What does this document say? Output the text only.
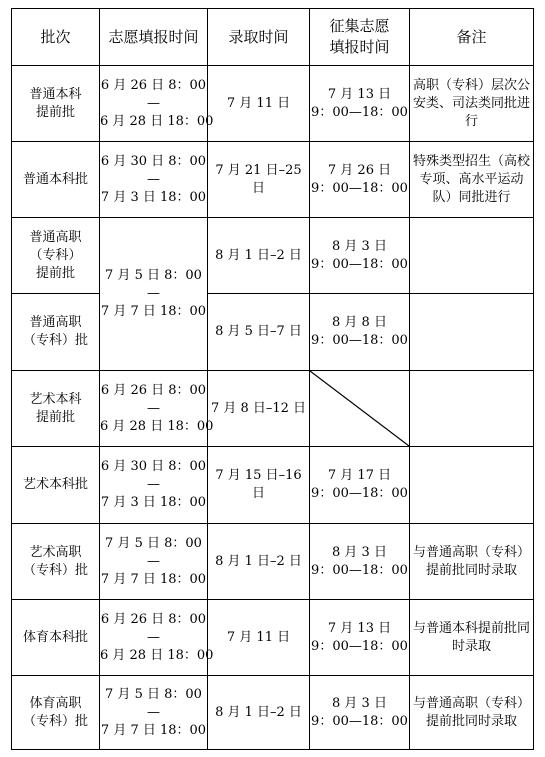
批次	志愿填报时间	录取时间	征集志愿
填报时间	备注

普通本科
提前批	6 月 26 日 8：00
—
6 月 28 日 18：00	7 月 11 日	7 月 13 日
9：00—18：00	高职（专科）层次公安类、司法类同批进行

普通本科批	6 月 30 日 8：00
—
7 月 3 日 18：00	7 月 21 日–25 日	7 月 26 日
9：00—18：00	特殊类型招生（高校专项、高水平运动队）同批进行

普通高职
（专科）
提前批	7 月 5 日 8：00
—
7 月 7 日 18：00	8 月 1 日–2 日	8 月 3 日
9：00—18：00	

普通高职
（专科）批		8 月 5 日–7 日	8 月 8 日
9：00—18：00	

艺术本科
提前批	6 月 26 日 8：00
—
6 月 28 日 18：00	7 月 8 日–12 日	

艺术本科批	6 月 30 日 8：00
—
7 月 3 日 18：00	7 月 15 日–16 日	7 月 17 日
9：00—18：00	

艺术高职
（专科）批	7 月 5 日 8：00
—
7 月 7 日 18：00	8 月 1 日–2 日	8 月 3 日
9：00—18：00	与普通高职（专科）提前批同时录取

体育本科批	6 月 26 日 8：00
—
6 月 28 日 18：00	7 月 11 日	7 月 13 日
9：00—18：00	与普通本科提前批同时录取

体育高职
（专科）批	7 月 5 日 8：00
—
7 月 7 日 18：00	8 月 1 日–2 日	8 月 3 日
9：00—18：00	与普通高职（专科）提前批同时录取
